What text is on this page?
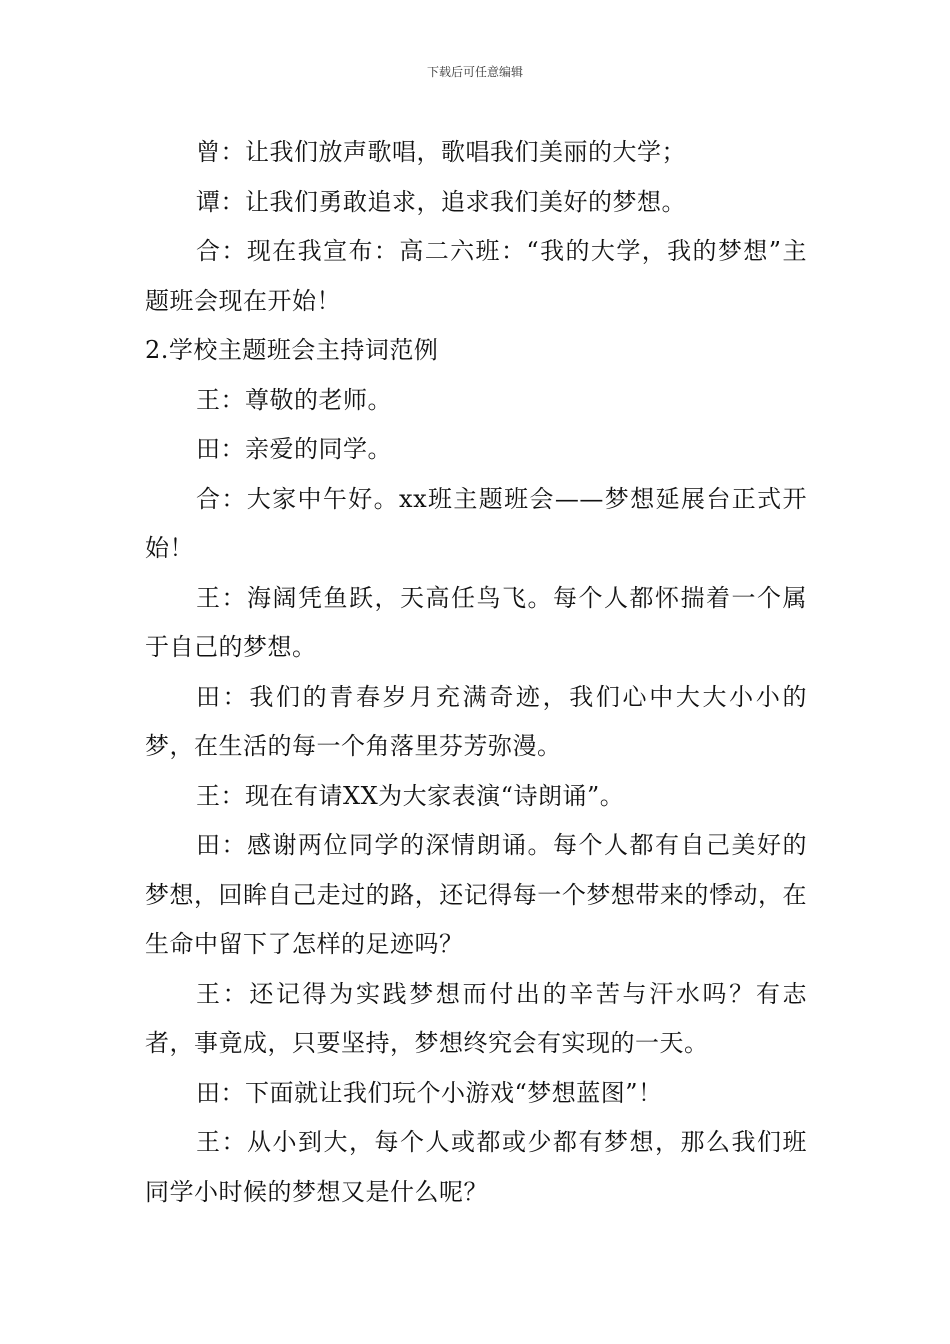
下载后可任意编辑

曾：让我们放声歌唱，歌唱我们美丽的大学；

谭：让我们勇敢追求，追求我们美好的梦想。

合：现在我宣布：高二六班：“我的大学，我的梦想”主题班会现在开始！

2.学校主题班会主持词范例

王：尊敬的老师。

田：亲爱的同学。

合：大家中午好。xx班主题班会——梦想延展台正式开始！

王：海阔凭鱼跃，天高任鸟飞。每个人都怀揣着一个属于自己的梦想。

田：我们的青春岁月充满奇迹，我们心中大大小小的梦，在生活的每一个角落里芬芳弥漫。

王：现在有请XX为大家表演“诗朗诵”。

田：感谢两位同学的深情朗诵。每个人都有自己美好的梦想，回眸自己走过的路，还记得每一个梦想带来的悸动，在生命中留下了怎样的足迹吗？

王：还记得为实践梦想而付出的辛苦与汗水吗？有志者，事竟成，只要坚持，梦想终究会有实现的一天。

田：下面就让我们玩个小游戏“梦想蓝图”！

王：从小到大，每个人或都或少都有梦想，那么我们班同学小时候的梦想又是什么呢？
